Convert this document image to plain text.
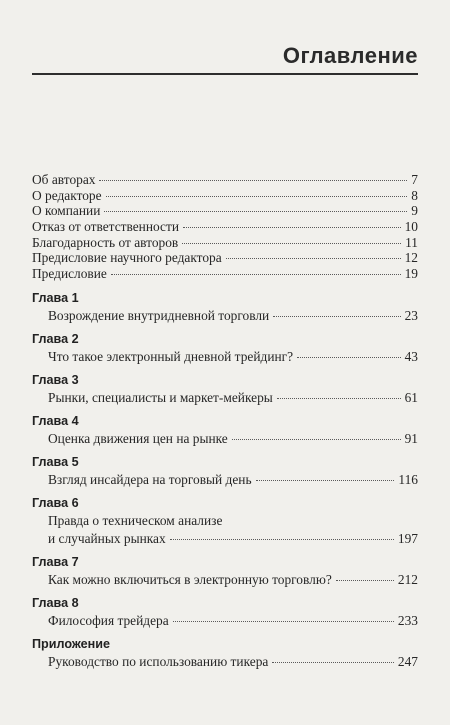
Оглавление
Об авторах	7
О редакторе	8
О компании	9
Отказ от ответственности	10
Благодарность от авторов	11
Предисловие научного редактора	12
Предисловие	19
Глава 1
Возрождение внутридневной торговли	23
Глава 2
Что такое электронный дневной трейдинг?	43
Глава 3
Рынки, специалисты и маркет-мейкеры	61
Глава 4
Оценка движения цен на рынке	91
Глава 5
Взгляд инсайдера на торговый день	116
Глава 6
Правда о техническом анализе
и случайных рынках	197
Глава 7
Как можно включиться в электронную торговлю?	212
Глава 8
Философия трейдера	233
Приложение
Руководство по использованию тикера	247
